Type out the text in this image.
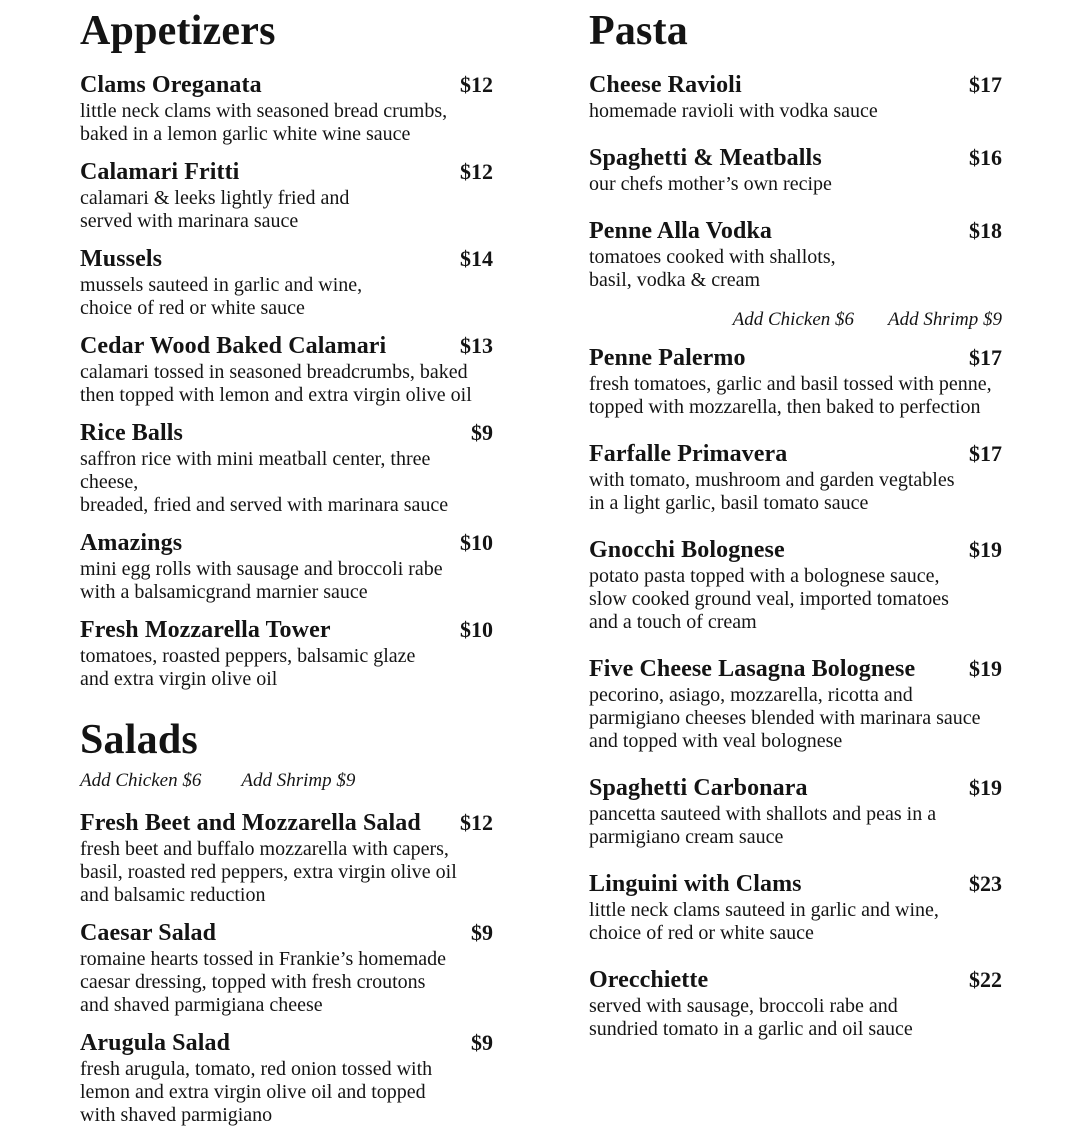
Appetizers
Clams Oreganata	$12
little neck clams with seasoned bread crumbs,
baked in a lemon garlic white wine sauce
Calamari Fritti	$12
calamari & leeks lightly fried and
served with marinara sauce
Mussels	$14
mussels sauteed in garlic and wine,
choice of red or white sauce
Cedar Wood Baked Calamari	$13
calamari tossed in seasoned breadcrumbs, baked
then topped with lemon and extra virgin olive oil
Rice Balls	$9
saffron rice with mini meatball center, three cheese,
breaded, fried and served with marinara sauce
Amazings	$10
mini egg rolls with sausage and broccoli rabe
with a balsamicgrand marnier sauce
Fresh Mozzarella Tower	$10
tomatoes, roasted peppers, balsamic glaze
and extra virgin olive oil
Salads
Add Chicken $6 Add Shrimp $9
Fresh Beet and Mozzarella Salad	$12
fresh beet and buffalo mozzarella with capers,
basil, roasted red peppers, extra virgin olive oil
and balsamic reduction
Caesar Salad	$9
romaine hearts tossed in Frankie’s homemade
caesar dressing, topped with fresh croutons
and shaved parmigiana cheese
Arugula Salad	$9
fresh arugula, tomato, red onion tossed with
lemon and extra virgin olive oil and topped
with shaved parmigiano
Pasta
Cheese Ravioli	$17
homemade ravioli with vodka sauce
Spaghetti & Meatballs	$16
our chefs mother’s own recipe
Penne Alla Vodka	$18
tomatoes cooked with shallots,
basil, vodka & cream
Add Chicken $6 Add Shrimp $9
Penne Palermo	$17
fresh tomatoes, garlic and basil tossed with penne,
topped with mozzarella, then baked to perfection
Farfalle Primavera	$17
with tomato, mushroom and garden vegtables
in a light garlic, basil tomato sauce
Gnocchi Bolognese	$19
potato pasta topped with a bolognese sauce,
slow cooked ground veal, imported tomatoes
and a touch of cream
Five Cheese Lasagna Bolognese	$19
pecorino, asiago, mozzarella, ricotta and
parmigiano cheeses blended with marinara sauce
and topped with veal bolognese
Spaghetti Carbonara	$19
pancetta sauteed with shallots and peas in a
parmigiano cream sauce
Linguini with Clams	$23
little neck clams sauteed in garlic and wine,
choice of red or white sauce
Orecchiette	$22
served with sausage, broccoli rabe and
sundried tomato in a garlic and oil sauce
